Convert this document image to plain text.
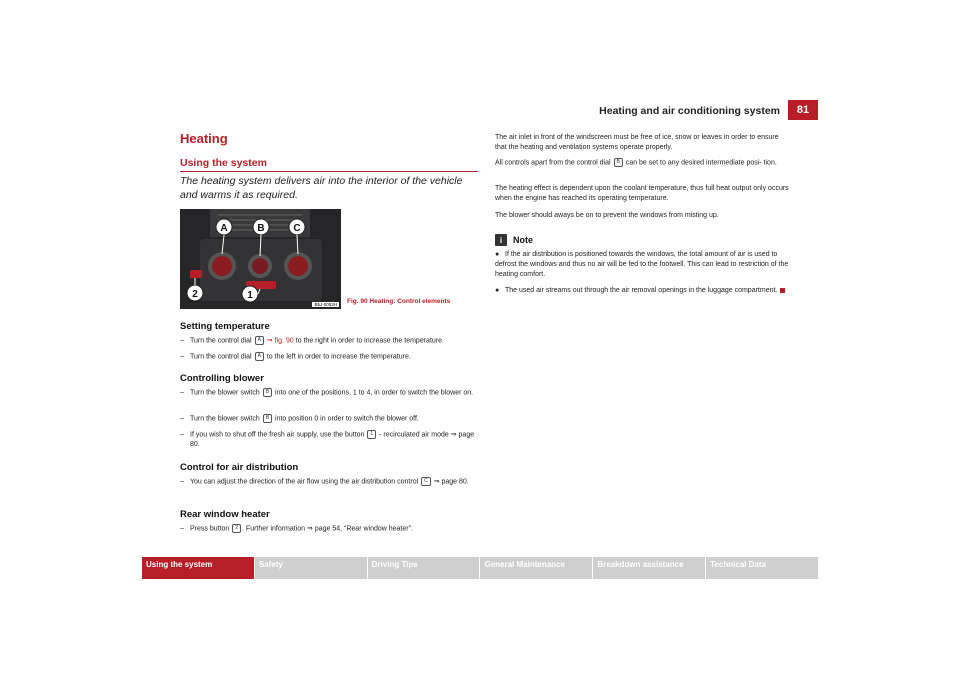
Heating and air conditioning system	81
Heating
Using the system
The heating system delivers air into the interior of the vehicle and warms it as required.
A	B	C
2	1
B5J-0053H	Fig. 90 Heating: Control elements
Setting temperature
– Turn the control dial A ⇒ fig. 90 to the right in order to increase the temperature.
– Turn the control dial A to the left in order to increase the temperature.
Controlling blower
– Turn the blower switch B into one of the positions, 1 to 4, in order to switch the blower on.
– Turn the blower switch B into position 0 in order to switch the blower off.
– If you wish to shut off the fresh air supply, use the button 1 - recirculated air mode ⇒ page 80.
Control for air distribution
– You can adjust the direction of the air flow using the air distribution control C ⇒ page 80.
Rear window heater
– Press button 2 . Further information ⇒ page 54, “Rear window heater”.
The air inlet in front of the windscreen must be free of ice, snow or leaves in order to ensure that the heating and ventilation systems operate properly.
All controls apart from the control dial B can be set to any desired intermediate posi- tion.
The heating effect is dependent upon the coolant temperature, thus full heat output only occurs when the engine has reached its operating temperature.
The blower should aways be on to prevent the windows from misting up.
i	Note
● If the air distribution is positioned towards the windows, the total amount of air is used to defrost the windows and thus no air will be fed to the footwell. This can lead to restriction of the heating comfort.
● The used air streams out through the air removal openings in the luggage compartment.
Using the system	Safety	Driving Tips	General Maintenance	Breakdown assistance	Technical Data
